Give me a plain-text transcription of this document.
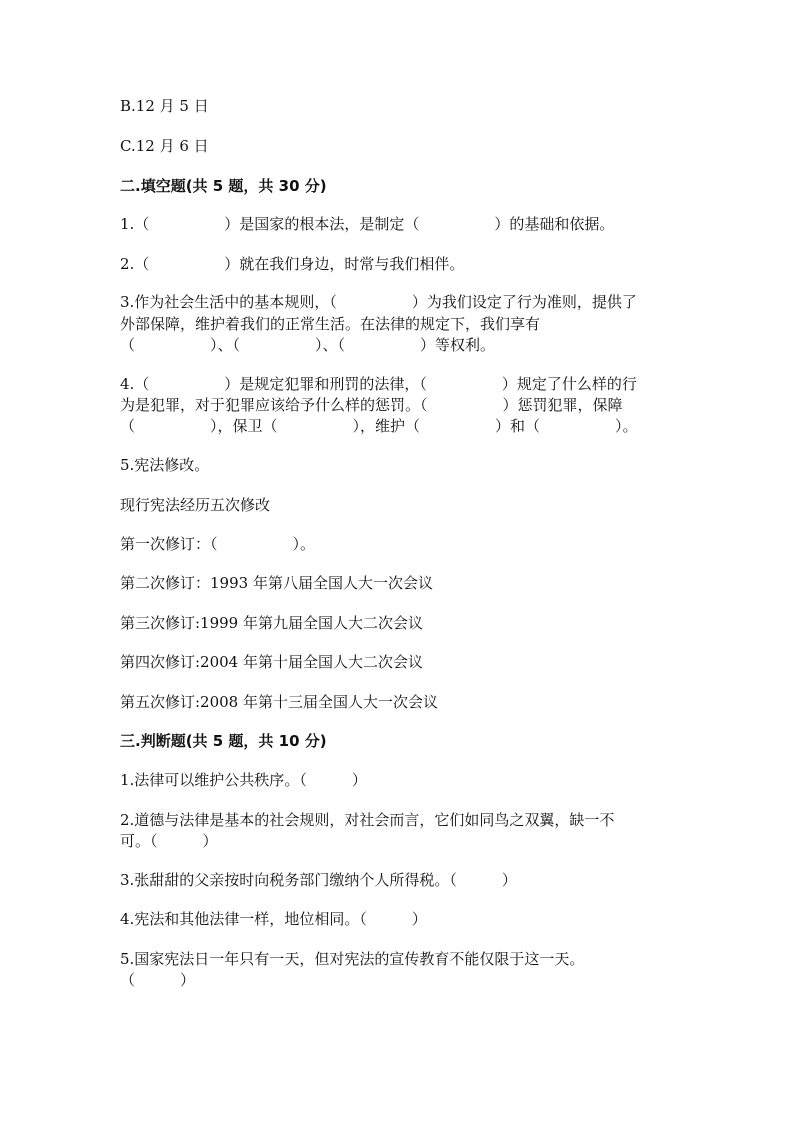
B.12 月 5 日
C.12 月 6 日
二.填空题(共 5 题，共 30 分)
1.（　　　　　）是国家的根本法，是制定（　　　　　）的基础和依据。
2.（　　　　　）就在我们身边，时常与我们相伴。
3.作为社会生活中的基本规则，（　　　　　）为我们设定了行为准则，提供了
外部保障，维护着我们的正常生活。在法律的规定下，我们享有
（　　　　　）、（　　　　　）、（　　　　　）等权利。
4.（　　　　　）是规定犯罪和刑罚的法律，（　　　　　）规定了什么样的行
为是犯罪，对于犯罪应该给予什么样的惩罚。（　　　　　）惩罚犯罪，保障
（　　　　　），保卫（　　　　　），维护（　　　　　）和（　　　　　）。
5.宪法修改。
现行宪法经历五次修改
第一次修订：（　　　　　）。
第二次修订：1993 年第八届全国人大一次会议
第三次修订:1999 年第九届全国人大二次会议
第四次修订:2004 年第十届全国人大二次会议
第五次修订:2008 年第十三届全国人大一次会议
三.判断题(共 5 题，共 10 分)
1.法律可以维护公共秩序。（　　　）
2.道德与法律是基本的社会规则，对社会而言，它们如同鸟之双翼，缺一不
可。（　　　）
3.张甜甜的父亲按时向税务部门缴纳个人所得税。（　　　）
4.宪法和其他法律一样，地位相同。（　　　）
5.国家宪法日一年只有一天，但对宪法的宣传教育不能仅限于这一天。
（　　　）
